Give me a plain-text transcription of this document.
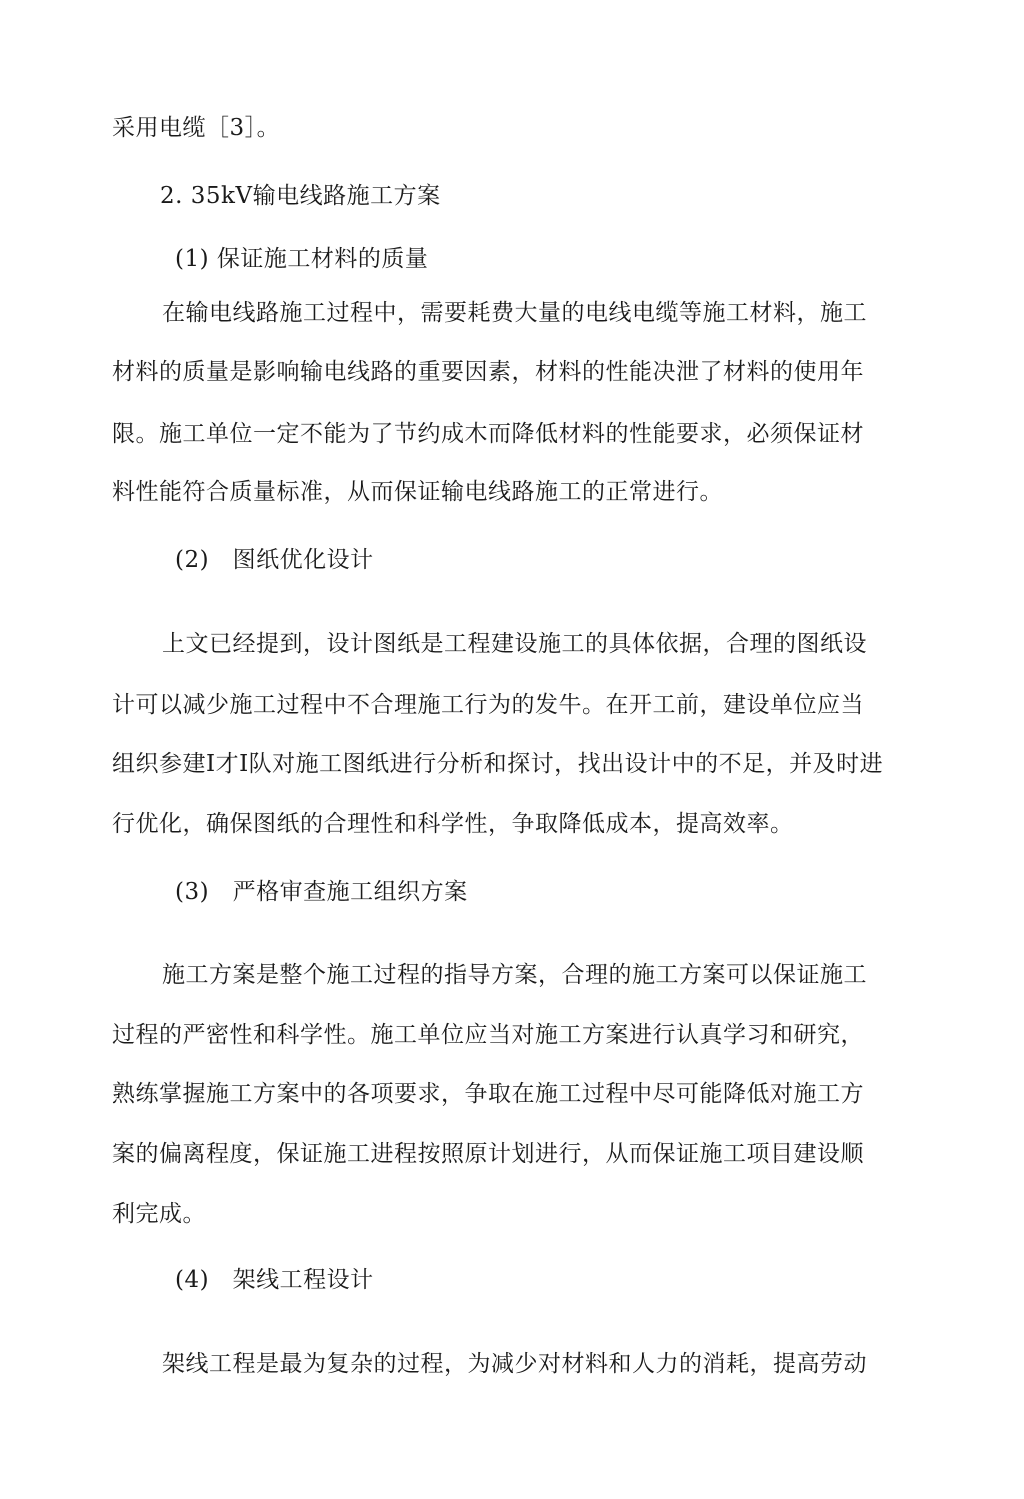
采用电缆［3］。
2. 35kV输电线路施工方案
(1) 保证施工材料的质量
在输电线路施工过程中，需要耗费大量的电线电缆等施工材料，施工
材料的质量是影响输电线路的重要因素，材料的性能决泄了材料的使用年
限。施工单位一定不能为了节约成木而降低材料的性能要求，必须保证材
料性能符合质量标准，从而保证输电线路施工的正常进行。
(2)　图纸优化设计
上文已经提到，设计图纸是工程建设施工的具体依据，合理的图纸设
计可以减少施工过程中不合理施工行为的发牛。在开工前，建设单位应当
组织参建I才I队对施工图纸进行分析和探讨，找出设计中的不足，并及时进
行优化，确保图纸的合理性和科学性，争取降低成本，提高效率。
(3)　严格审查施工组织方案
施工方案是整个施工过程的指导方案，合理的施工方案可以保证施工
过程的严密性和科学性。施工单位应当对施工方案进行认真学习和研究，
熟练掌握施工方案中的各项要求，争取在施工过程中尽可能降低对施工方
案的偏离程度，保证施工进程按照原计划进行，从而保证施工项目建设顺
利完成。
(4)　架线工程设计
架线工程是最为复杂的过程，为减少对材料和人力的消耗，提高劳动
